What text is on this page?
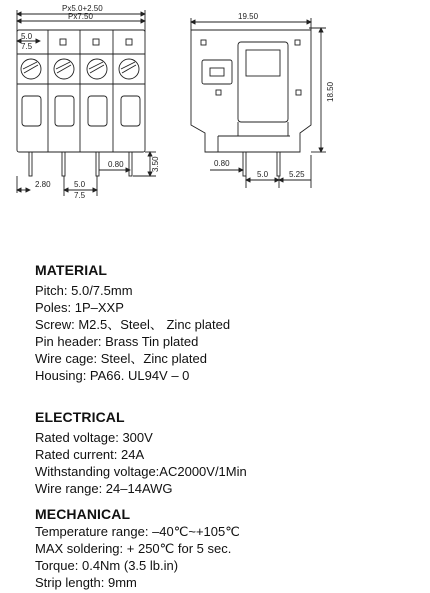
Px5.0+2.50
Px7.50
5.0
7.5
2.80	5.0
7.5
0.80	3.50
19.50
18.50
0.80
5.0	5.25
MATERIAL
Pitch: 5.0/7.5mm
Poles: 1P–XXP
Screw: M2.5、Steel、 Zinc plated
Pin header: Brass Tin plated
Wire cage: Steel、Zinc plated
Housing: PA66. UL94V – 0
ELECTRICAL
Rated voltage: 300V
Rated current: 24A
Withstanding voltage:AC2000V/1Min
Wire range: 24–14AWG
MECHANICAL
Temperature range: –40℃~+105℃
MAX soldering: + 250℃ for 5 sec.
Torque: 0.4Nm (3.5 lb.in)
Strip length: 9mm
